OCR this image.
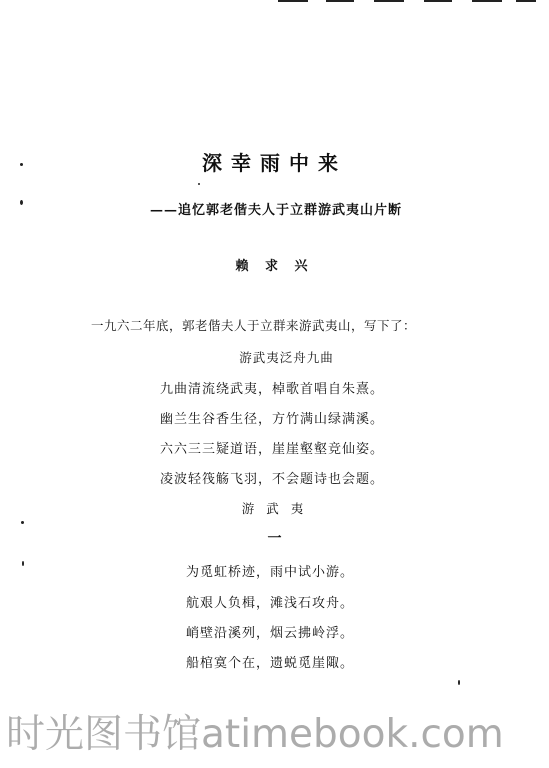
深幸雨中来
——追忆郭老偕夫人于立群游武夷山片断
赖 求 兴
一九六二年底，郭老偕夫人于立群来游武夷山，写下了：
游武夷泛舟九曲
九曲清流绕武夷，棹歌首唱自朱熹。
幽兰生谷香生径，方竹满山绿满溪。
六六三三疑道语，崖崖壑壑竞仙姿。
凌波轻筏觞飞羽，不会题诗也会题。
游 武 夷
一
为觅虹桥迹，雨中试小游。
航艰人负楫，滩浅石攻舟。
峭壁沿溪列，烟云拂岭浮。
船棺寞个在，遗蜕觅崖陬。
时光图书馆atimebook.com
